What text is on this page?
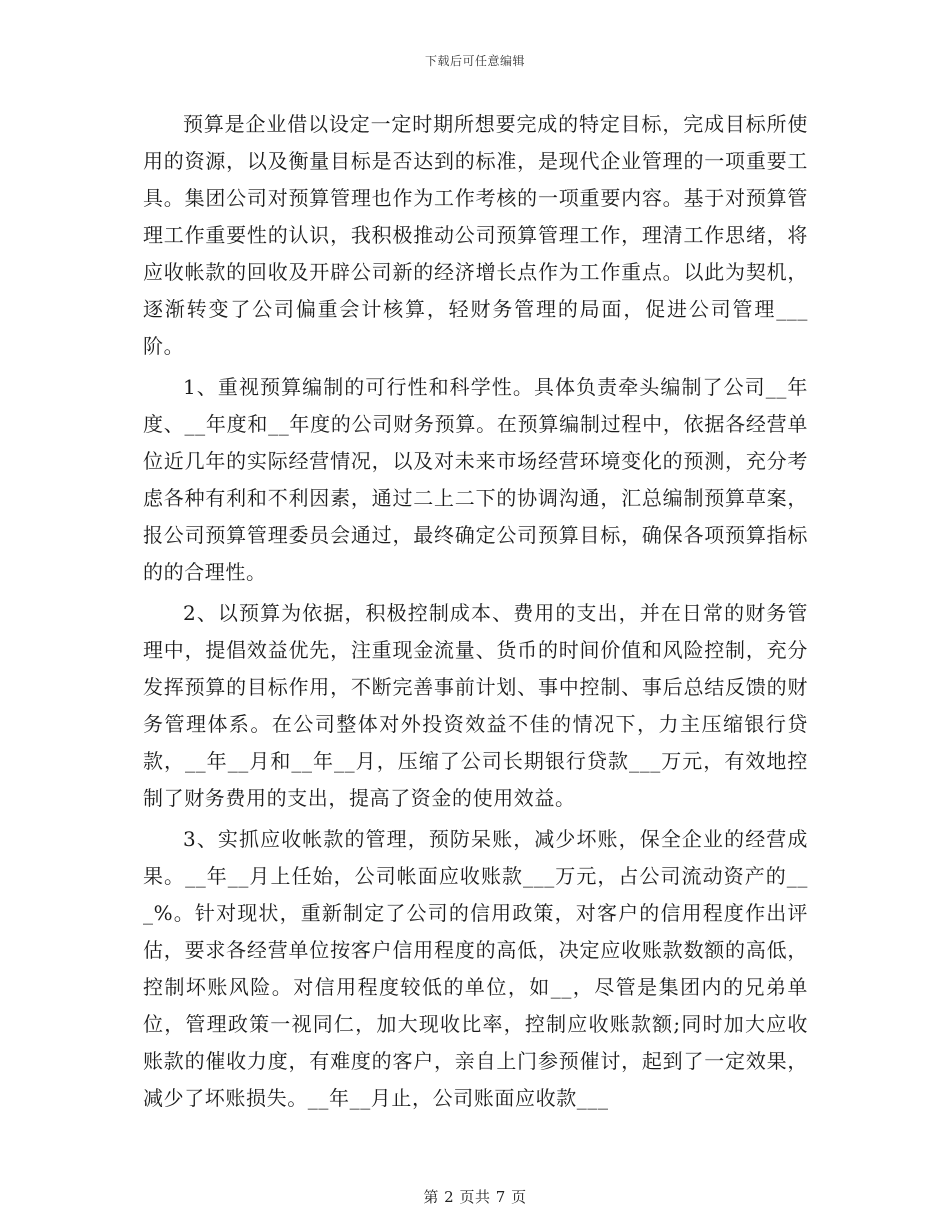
下载后可任意编辑

预算是企业借以设定一定时期所想要完成的特定目标，完成目标所使用的资源，以及衡量目标是否达到的标准，是现代企业管理的一项重要工具。集团公司对预算管理也作为工作考核的一项重要内容。基于对预算管理工作重要性的认识，我积极推动公司预算管理工作，理清工作思绪，将应收帐款的回收及开辟公司新的经济增长点作为工作重点。以此为契机，逐渐转变了公司偏重会计核算，轻财务管理的局面，促进公司管理___阶。

1、重视预算编制的可行性和科学性。具体负责牵头编制了公司__年度、__年度和__年度的公司财务预算。在预算编制过程中，依据各经营单位近几年的实际经营情况，以及对未来市场经营环境变化的预测，充分考虑各种有利和不利因素，通过二上二下的协调沟通，汇总编制预算草案，报公司预算管理委员会通过，最终确定公司预算目标，确保各项预算指标的的合理性。

2、以预算为依据，积极控制成本、费用的支出，并在日常的财务管理中，提倡效益优先，注重现金流量、货币的时间价值和风险控制，充分发挥预算的目标作用，不断完善事前计划、事中控制、事后总结反馈的财务管理体系。在公司整体对外投资效益不佳的情况下，力主压缩银行贷款，__年__月和__年__月，压缩了公司长期银行贷款___万元，有效地控制了财务费用的支出，提高了资金的使用效益。

3、实抓应收帐款的管理，预防呆账，减少坏账，保全企业的经营成果。__年__月上任始，公司帐面应收账款___万元，占公司流动资产的___%。针对现状，重新制定了公司的信用政策，对客户的信用程度作出评估，要求各经营单位按客户信用程度的高低，决定应收账款数额的高低，控制坏账风险。对信用程度较低的单位，如__，尽管是集团内的兄弟单位，管理政策一视同仁，加大现收比率，控制应收账款额;同时加大应收账款的催收力度，有难度的客户，亲自上门参预催讨，起到了一定效果，减少了坏账损失。__年__月止，公司账面应收款___

第 2 页共 7 页
